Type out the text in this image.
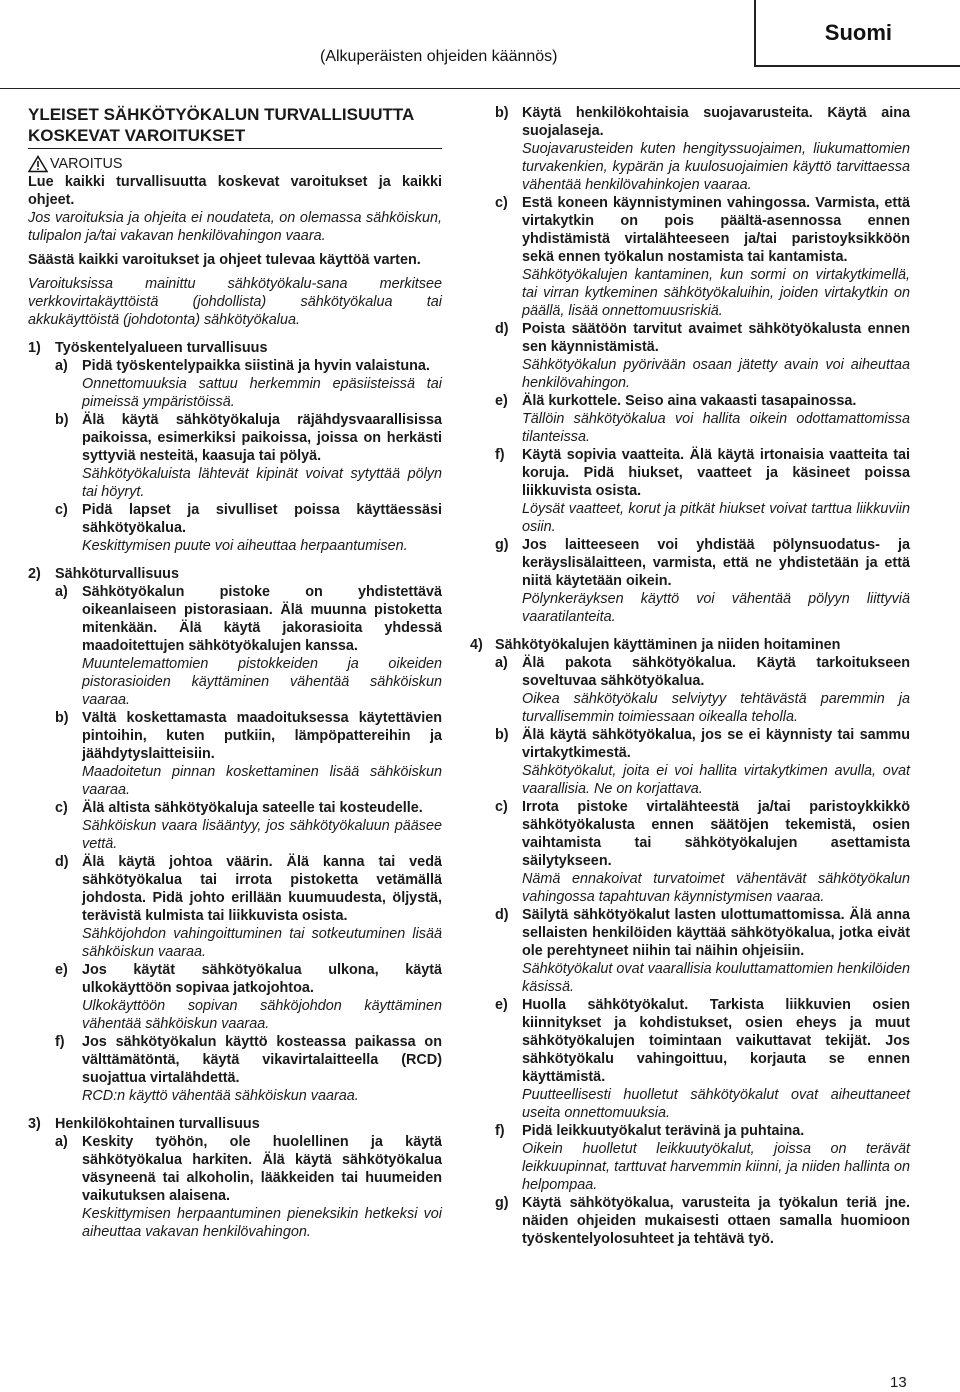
Suomi
(Alkuperäisten ohjeiden käännös)
YLEISET SÄHKÖTYÖKALUN TURVALLISUUTTA KOSKEVAT VAROITUKSET
VAROITUS

Lue kaikki turvallisuutta koskevat varoitukset ja kaikki ohjeet.

Jos varoituksia ja ohjeita ei noudateta, on olemassa sähköiskun, tulipalon ja/tai vakavan henkilövahingon vaara.

Säästä kaikki varoitukset ja ohjeet tulevaa käyttöä varten.

Varoituksissa mainittu sähkötyökalu-sana merkitsee verkkovirtakäyttöistä (johdollista) sähkötyökalua tai akkukäyttöistä (johdotonta) sähkötyökalua.

1) Työskentelyalueen turvallisuus
a) Pidä työskentelypaikka siistinä ja hyvin valaistuna.

Onnettomuuksia sattuu herkemmin epäsiisteissä tai pimeissä ympäristöissä.

b) Älä käytä sähkötyökaluja räjähdysvaarallisissa paikoissa, esimerkiksi paikoissa, joissa on herkästi syttyviä nesteitä, kaasuja tai pölyä.

Sähkötyökaluista lähtevät kipinät voivat sytyttää pölyn tai höyryt.

c) Pidä lapset ja sivulliset poissa käyttäessäsi sähkötyökalua.

Keskittymisen puute voi aiheuttaa herpaantumisen.

2) Sähköturvallisuus
a) Sähkötyökalun pistoke on yhdistettävä oikeanlaiseen pistorasiaan. Älä muunna pistoketta mitenkään. Älä käytä jakorasioita yhdessä maadoitettujen sähkötyökalujen kanssa.

Muuntelemattomien pistokkeiden ja oikeiden pistorasioiden käyttäminen vähentää sähköiskun vaaraa.

b) Vältä koskettamasta maadoituksessa käytettävien pintoihin, kuten putkiin, lämpöpattereihin ja jäähdytyslaitteisiin.

Maadoitetun pinnan koskettaminen lisää sähköiskun vaaraa.

c) Älä altista sähkötyökaluja sateelle tai kosteudelle.

Sähköiskun vaara lisääntyy, jos sähkötyökaluun pääsee vettä.

d) Älä käytä johtoa väärin. Älä kanna tai vedä sähkötyökalua tai irrota pistoketta vetämällä johdosta. Pidä johto erillään kuumuudesta, öljystä, terävistä kulmista tai liikkuvista osista.

Sähköjohdon vahingoittuminen tai sotkeutuminen lisää sähköiskun vaaraa.

e) Jos käytät sähkötyökalua ulkona, käytä ulkokäyttöön sopivaa jatkojohtoa.

Ulkokäyttöön sopivan sähköjohdon käyttäminen vähentää sähköiskun vaaraa.

f)	Jos sähkötyökalun käyttö kosteassa paikassa on välttämätöntä, käytä vikavirtalaitteella (RCD) suojattua virtalähdettä.

RCD:n käyttö vähentää sähköiskun vaaraa.

3) Henkilökohtainen turvallisuus
a) Keskity työhön, ole huolellinen ja käytä sähkötyökalua harkiten. Älä käytä sähkötyökalua väsyneenä tai alkoholin, lääkkeiden tai huumeiden vaikutuksen alaisena.

Keskittymisen herpaantuminen pieneksikin hetkeksi voi aiheuttaa vakavan henkilövahingon.

b) Käytä henkilökohtaisia suojavarusteita. Käytä aina suojalaseja.

Suojavarusteiden kuten hengityssuojaimen, liukumattomien turvakenkien, kypärän ja kuulosuojaimien käyttö tarvittaessa vähentää henkilövahinkojen vaaraa.

c) Estä koneen käynnistyminen vahingossa. Varmista, että virtakytkin on pois päältä-asennossa ennen yhdistämistä virtalähteeseen ja/tai paristoyksikköön sekä ennen työkalun nostamista tai kantamista.

Sähkötyökalujen kantaminen, kun sormi on virtakytkimellä, tai virran kytkeminen sähkötyökaluihin, joiden virtakytkin on päällä, lisää onnettomuusriskiä.

d) Poista säätöön tarvitut avaimet sähkötyökalusta ennen sen käynnistämistä.

Sähkötyökalun pyörivään osaan jätetty avain voi aiheuttaa henkilövahingon.

e) Älä kurkottele. Seiso aina vakaasti tasapainossa.

Tällöin sähkötyökalua voi hallita oikein odottamattomissa tilanteissa.

f)	Käytä sopivia vaatteita. Älä käytä irtonaisia vaatteita tai koruja. Pidä hiukset, vaatteet ja käsineet poissa liikkuvista osista.

Löysät vaatteet, korut ja pitkät hiukset voivat tarttua liikkuviin osiin.

g) Jos laitteeseen voi yhdistää pölynsuodatus- ja keräyslisälaitteen, varmista, että ne yhdistetään ja että niitä käytetään oikein.

Pölynkeräyksen käyttö voi vähentää pölyyn liittyviä vaaratilanteita.

4) Sähkötyökalujen käyttäminen ja niiden hoitaminen
a) Älä pakota sähkötyökalua. Käytä tarkoitukseen soveltuvaa sähkötyökalua.

Oikea sähkötyökalu selviytyy tehtävästä paremmin ja turvallisemmin toimiessaan oikealla teholla.

b) Älä käytä sähkötyökalua, jos se ei käynnisty tai sammu virtakytkimestä.

Sähkötyökalut, joita ei voi hallita virtakytkimen avulla, ovat vaarallisia. Ne on korjattava.

c) Irrota pistoke virtalähteestä ja/tai paristoykkikkö sähkötyökalusta ennen säätöjen tekemistä, osien vaihtamista tai sähkötyökalujen asettamista säilytykseen.

Nämä ennakoivat turvatoimet vähentävät sähkötyökalun vahingossa tapahtuvan käynnistymisen vaaraa.

d) Säilytä sähkötyökalut lasten ulottumattomissa. Älä anna sellaisten henkilöiden käyttää sähkötyökalua, jotka eivät ole perehtyneet niihin tai näihin ohjeisiin.

Sähkötyökalut ovat vaarallisia kouluttamattomien henkilöiden käsissä.

e) Huolla sähkötyökalut. Tarkista liikkuvien osien kiinnitykset ja kohdistukset, osien eheys ja muut sähkötyökalujen toimintaan vaikuttavat tekijät. Jos sähkötyökalu vahingoittuu, korjauta se ennen käyttämistä.

Puutteellisesti huolletut sähkötyökalut ovat aiheuttaneet useita onnettomuuksia.

f)	Pidä leikkuutyökalut terävinä ja puhtaina.

Oikein huolletut leikkuutyökalut, joissa on terävät leikkuupinnat, tarttuvat harvemmin kiinni, ja niiden hallinta on helpompaa.

g) Käytä sähkötyökalua, varusteita ja työkalun teriä jne. näiden ohjeiden mukaisesti ottaen samalla huomioon työskentelyolosuhteet ja tehtävä työ.

13
